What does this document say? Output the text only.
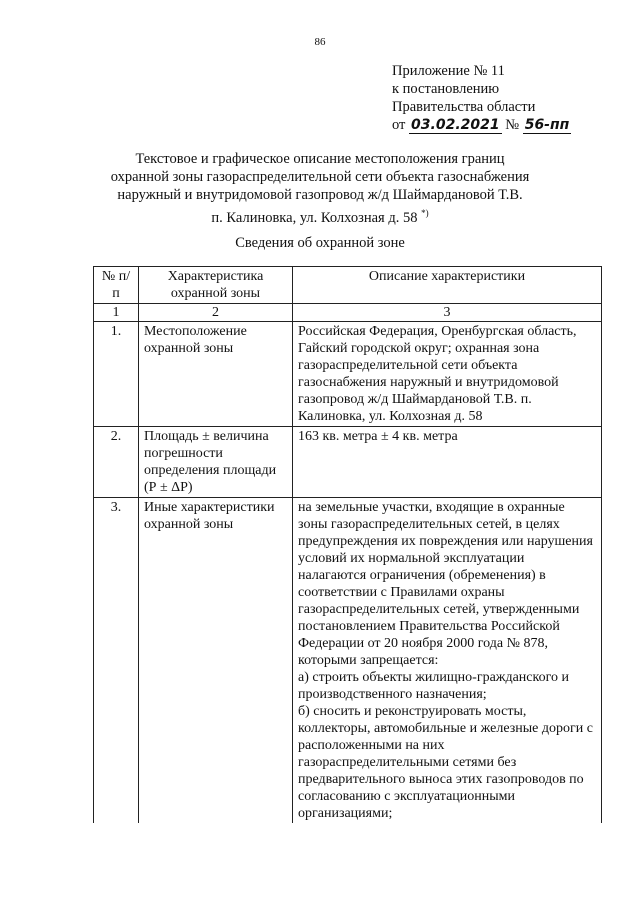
86
Приложение № 11
к постановлению
Правительства области
от 03.02.2021 № 56-пп
Текстовое и графическое описание местоположения границ
охранной зоны газораспределительной сети объекта газоснабжения
наружный и внутридомовой газопровод ж/д Шаймардановой Т.В.
п. Калиновка, ул. Колхозная д. 58 *)
Сведения об охранной зоне
№ п/п	Характеристика охранной зоны	Описание характеристики
1	2	3
1.	Местоположение охранной зоны	Российская Федерация, Оренбургская область, Гайский городской округ; охранная зона газораспределительной сети объекта газоснабжения наружный и внутридомовой газопровод ж/д Шаймардановой Т.В. п. Калиновка, ул. Колхозная д. 58
2.	Площадь ± величина погрешности определения площади (Р ± ΔР)	163 кв. метра ± 4 кв. метра
3.	Иные характеристики охранной зоны	на земельные участки, входящие в охранные зоны газораспределительных сетей, в целях предупреждения их повреждения или нарушения условий их нормальной эксплуатации налагаются ограничения (обременения) в соответствии с Правилами охраны газораспределительных сетей, утвержденными постановлением Правительства Российской Федерации от 20 ноября 2000 года № 878, которыми запрещается:
а) строить объекты жилищно-гражданского и производственного назначения;
б) сносить и реконструировать мосты, коллекторы, автомобильные и железные дороги с расположенными на них газораспределительными сетями без предварительного выноса этих газопроводов по согласованию с эксплуатационными организациями;
